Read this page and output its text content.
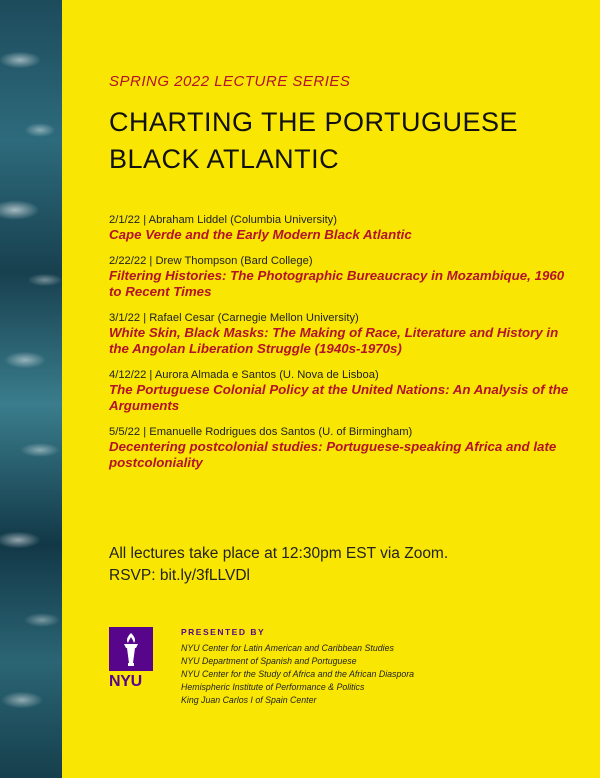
SPRING 2022 LECTURE SERIES
CHARTING THE PORTUGUESE
BLACK ATLANTIC
2/1/22 | Abraham Liddel (Columbia University)
Cape Verde and the Early Modern Black Atlantic
2/22/22 | Drew Thompson (Bard College)
Filtering Histories: The Photographic Bureaucracy in Mozambique, 1960 to Recent Times
3/1/22 | Rafael Cesar (Carnegie Mellon University)
White Skin, Black Masks: The Making of Race, Literature and History in the Angolan Liberation Struggle (1940s-1970s)
4/12/22 | Aurora Almada e Santos (U. Nova de Lisboa)
The Portuguese Colonial Policy at the United Nations: An Analysis of the Arguments
5/5/22 | Emanuelle Rodrigues dos Santos (U. of Birmingham)
Decentering postcolonial studies: Portuguese-speaking Africa and late postcoloniality
All lectures take place at 12:30pm EST via Zoom.
RSVP: bit.ly/3fLLVDl
NYU
PRESENTED BY
NYU Center for Latin American and Caribbean Studies
NYU Department of Spanish and Portuguese
NYU Center for the Study of Africa and the African Diaspora
Hemispheric Institute of Performance & Politics
King Juan Carlos I of Spain Center
